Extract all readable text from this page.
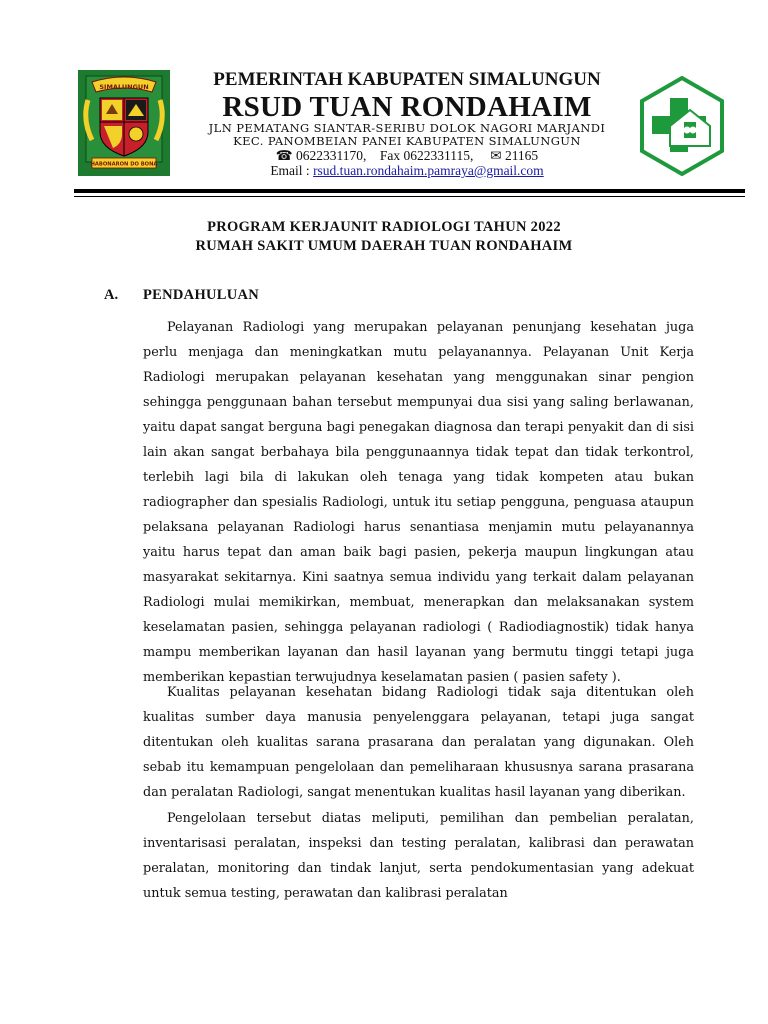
SIMALUNGUN
HABONARON DO BONA
PEMERINTAH KABUPATEN SIMALUNGUN
RSUD TUAN RONDAHAIM
JLN PEMATANG SIANTAR-SERIBU DOLOK NAGORI MARJANDI
KEC. PANOMBEIAN PANEI KABUPATEN SIMALUNGUN
☎ 0622331170, Fax 0622331115, ✉ 21165
Email : rsud.tuan.rondahaim.pamraya@gmail.com
PROGRAM KERJAUNIT RADIOLOGI TAHUN 2022
RUMAH SAKIT UMUM DAERAH TUAN RONDAHAIM
A. PENDAHULUAN

Pelayanan Radiologi yang merupakan pelayanan penunjang kesehatan juga perlu menjaga dan meningkatkan mutu pelayanannya. Pelayanan Unit Kerja Radiologi merupakan pelayanan kesehatan yang menggunakan sinar pengion sehingga penggunaan bahan tersebut mempunyai dua sisi yang saling berlawanan, yaitu dapat sangat berguna bagi penegakan diagnosa dan terapi penyakit dan di sisi lain akan sangat berbahaya bila penggunaannya tidak tepat dan tidak terkontrol, terlebih lagi bila di lakukan oleh tenaga yang tidak kompeten atau bukan radiographer dan spesialis Radiologi, untuk itu setiap pengguna, penguasa ataupun pelaksana pelayanan Radiologi harus senantiasa menjamin mutu pelayanannya yaitu harus tepat dan aman baik bagi pasien, pekerja maupun lingkungan atau masyarakat sekitarnya. Kini saatnya semua individu yang terkait dalam pelayanan Radiologi mulai memikirkan, membuat, menerapkan dan melaksanakan system keselamatan pasien, sehingga pelayanan radiologi ( Radiodiagnostik) tidak hanya mampu memberikan layanan dan hasil layanan yang bermutu tinggi tetapi juga memberikan kepastian terwujudnya keselamatan pasien ( pasien safety ).

Kualitas pelayanan kesehatan bidang Radiologi tidak saja ditentukan oleh kualitas sumber daya manusia penyelenggara pelayanan, tetapi juga sangat ditentukan oleh kualitas sarana prasarana dan peralatan yang digunakan. Oleh sebab itu kemampuan pengelolaan dan pemeliharaan khususnya sarana prasarana dan peralatan Radiologi, sangat menentukan kualitas hasil layanan yang diberikan.

Pengelolaan tersebut diatas meliputi, pemilihan dan pembelian peralatan, inventarisasi peralatan, inspeksi dan testing peralatan, kalibrasi dan perawatan peralatan, monitoring dan tindak lanjut, serta pendokumentasian yang adekuat untuk semua testing, perawatan dan kalibrasi peralatan
